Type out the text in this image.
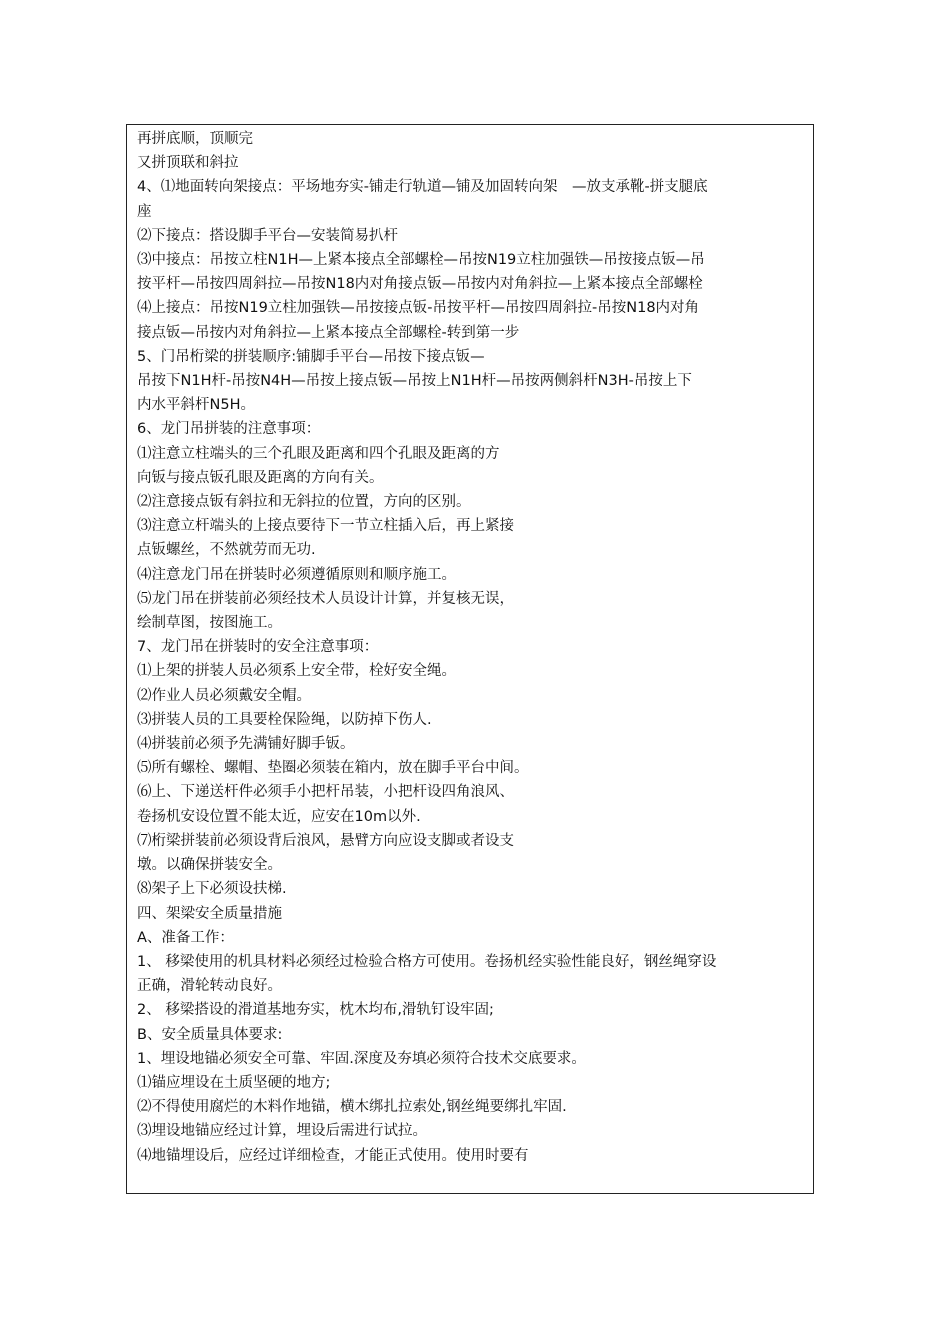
再拼底顺，顶顺完
又拼顶联和斜拉
4、⑴地面转向架接点：平场地夯实-铺走行轨道—铺及加固转向架　—放支承靴-拼支腿底
座
⑵下接点：搭设脚手平台—安装简易扒杆
⑶中接点：吊按立柱N1H—上紧本接点全部螺栓—吊按N19立柱加强铁—吊按接点钣—吊
按平杆—吊按四周斜拉—吊按N18内对角接点钣—吊按内对角斜拉—上紧本接点全部螺栓
⑷上接点：吊按N19立柱加强铁—吊按接点钣-吊按平杆—吊按四周斜拉-吊按N18内对角
接点钣—吊按内对角斜拉—上紧本接点全部螺栓-转到第一步
5、门吊桁梁的拼装顺序:铺脚手平台—吊按下接点钣—
吊按下N1H杆-吊按N4H—吊按上接点钣—吊按上N1H杆—吊按两侧斜杆N3H-吊按上下
内水平斜杆N5H。
6、龙门吊拼装的注意事项：
⑴注意立柱端头的三个孔眼及距离和四个孔眼及距离的方
向钣与接点钣孔眼及距离的方向有关。
⑵注意接点钣有斜拉和无斜拉的位置，方向的区别。
⑶注意立杆端头的上接点要待下一节立柱插入后，再上紧接
点钣螺丝，不然就劳而无功.
⑷注意龙门吊在拼装时必须遵循原则和顺序施工。
⑸龙门吊在拼装前必须经技术人员设计计算，并复核无误，
绘制草图，按图施工。
7、龙门吊在拼装时的安全注意事项：
⑴上架的拼装人员必须系上安全带，栓好安全绳。
⑵作业人员必须戴安全帽。
⑶拼装人员的工具要栓保险绳，以防掉下伤人.
⑷拼装前必须予先满铺好脚手钣。
⑸所有螺栓、螺帽、垫圈必须装在箱内，放在脚手平台中间。
⑹上、下递送杆件必须手小把杆吊装，小把杆设四角浪风、
卷扬机安设位置不能太近，应安在10m以外.
⑺桁梁拼装前必须设背后浪风，悬臂方向应设支脚或者设支
墩。以确保拼装安全。
⑻架子上下必须设扶梯.
四、架梁安全质量措施
A、准备工作：
1、 移梁使用的机具材料必须经过检验合格方可使用。卷扬机经实验性能良好，钢丝绳穿设
正确，滑轮转动良好。
2、 移梁搭设的滑道基地夯实，枕木均布,滑轨钉设牢固;
B、安全质量具体要求:
1、埋设地锚必须安全可靠、牢固.深度及夯填必须符合技术交底要求。
⑴锚应埋设在土质坚硬的地方;
⑵不得使用腐烂的木料作地锚，横木绑扎拉索处,钢丝绳要绑扎牢固.
⑶埋设地锚应经过计算，埋设后需进行试拉。
⑷地锚埋设后，应经过详细检查，才能正式使用。使用时要有
